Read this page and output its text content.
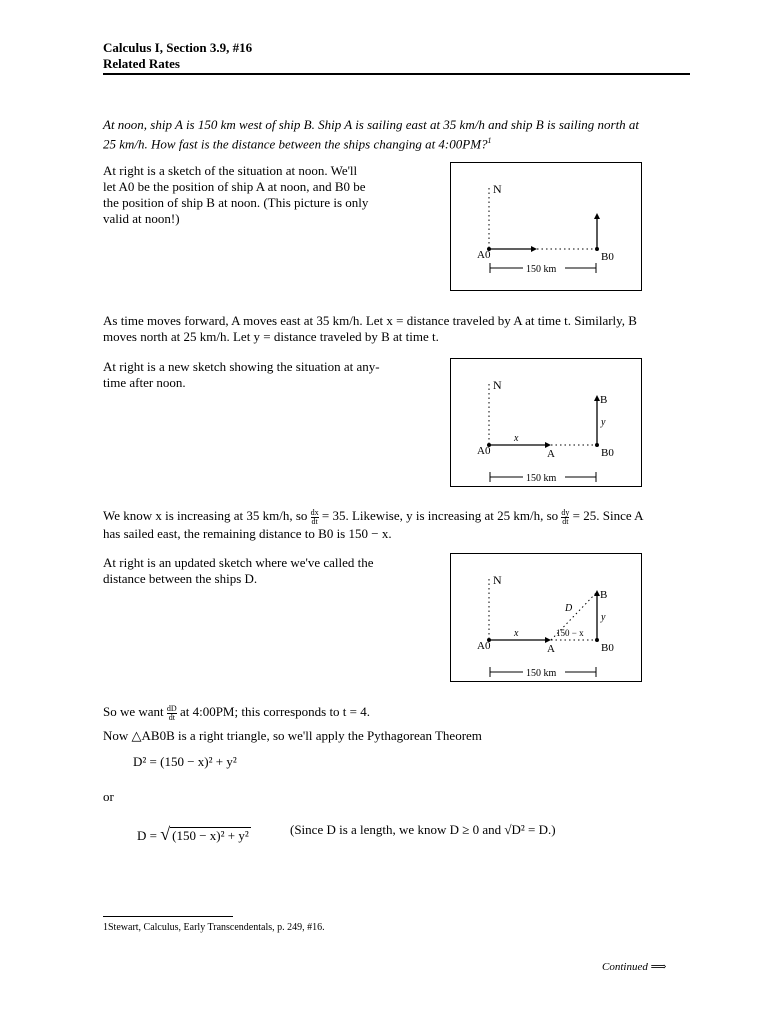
Calculus I, Section 3.9, #16
Related Rates
At noon, ship A is 150 km west of ship B. Ship A is sailing east at 35 km/h and ship B is sailing north at
25 km/h. How fast is the distance between the ships changing at 4:00PM?$^1$
At right is a sketch of the situation at noon. We'll
let A0 be the position of ship A at noon, and B0 be
the position of ship B at noon. (This picture is only
valid at noon!)
N
A0	B0
150 km
As time moves forward, A moves east at 35 km/h. Let x = distance traveled by A at time t. Similarly, B
moves north at 25 km/h. Let y = distance traveled by B at time t.
At right is a new sketch showing the situation at any-
time after noon.	N
A0	B0
A
B
x
y
150 km
We know x is increasing at 35 km/h, so $\frac{dx}{dt} = 35$. Likewise, y is increasing at 25 km/h, so $\frac{dy}{dt} = 25$. Since A
has sailed east, the remaining distance to B0 is 150 − x.
At right is an updated sketch where we've called the
distance between the ships D.	N
A0	B0
A
B
x
y
D
150 − x
150 km
So we want $\frac{dD}{dt}$ at 4:00PM; this corresponds to t = 4.
Now △AB0B is a right triangle, so we'll apply the Pythagorean Theorem
D² = (150 − x)² + y²
or
D = √ (150 − x)² + y²	(Since D is a length, we know D ≥ 0 and √D² = D.)
1Stewart, Calculus, Early Transcendentals, p. 249, #16.
Continued ⟹
